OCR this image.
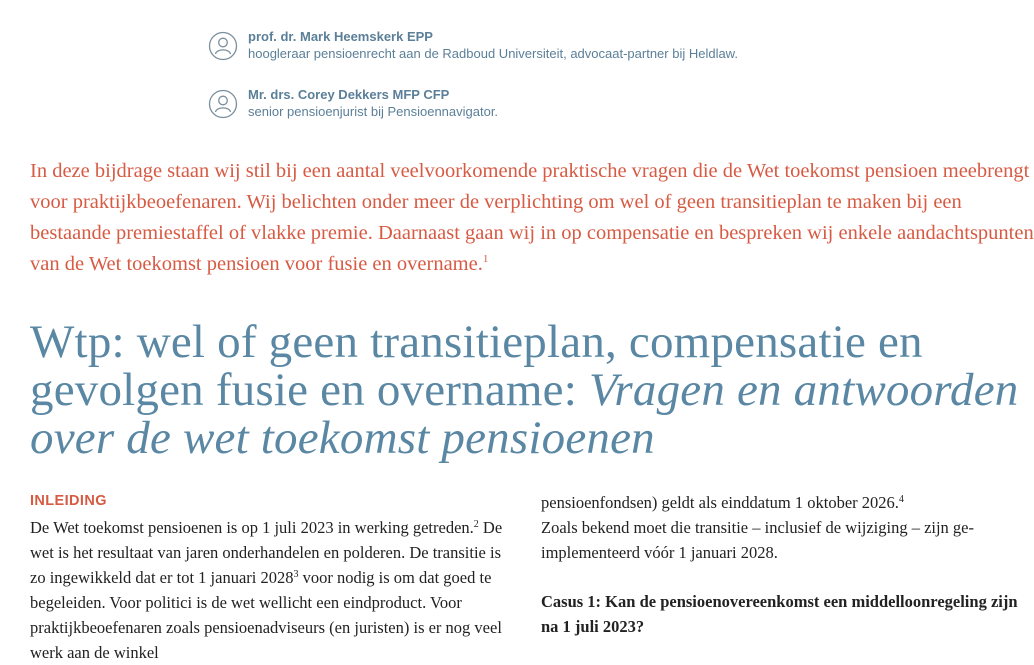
prof. dr. Mark Heemskerk EPP
hoogleraar pensioenrecht aan de Radboud Universiteit, advocaat-partner bij Heldlaw.
Mr. drs. Corey Dekkers MFP CFP
senior pensioenjurist bij Pensioennavigator.

In deze bijdrage staan wij stil bij een aantal veelvoorkomende praktische vragen die de Wet toekomst pensioen meebrengt voor praktijkbeoefenaren. Wij belichten onder meer de verplichting om wel of geen transitieplan te maken bij een bestaande premiestaffel of vlakke premie. Daarnaast gaan wij in op compensatie en bespreken wij enkele aandachtspunten van de Wet toekomst pensioen voor fusie en overname.$^1$

Wtp: wel of geen transitieplan, compensatie en gevolgen fusie en overname: Vragen en antwoorden over de wet toekomst pensioenen
INLEIDING

De Wet toekomst pensioenen is op 1 juli 2023 in werking getreden.$^2$ De wet is het resultaat van jaren onderhandelen en polderen. De transitie is zo ingewikkeld dat er tot 1 januari 2028$^3$ voor nodig is om dat goed te begeleiden. Voor politici is de wet wellicht een eindproduct. Voor praktijkbeoefenaren zoals pensioenadviseurs (en juristen) is er nog veel werk aan de winkel

pensioenfondsen) geldt als einddatum 1 oktober 2026.$^4$

Zoals bekend moet die transitie – inclusief de wijziging – zijn geimplementeerd vóór 1 januari 2028.

Casus 1: Kan de pensioenovereenkomst een middelloonregeling zijn na 1 juli 2023?
